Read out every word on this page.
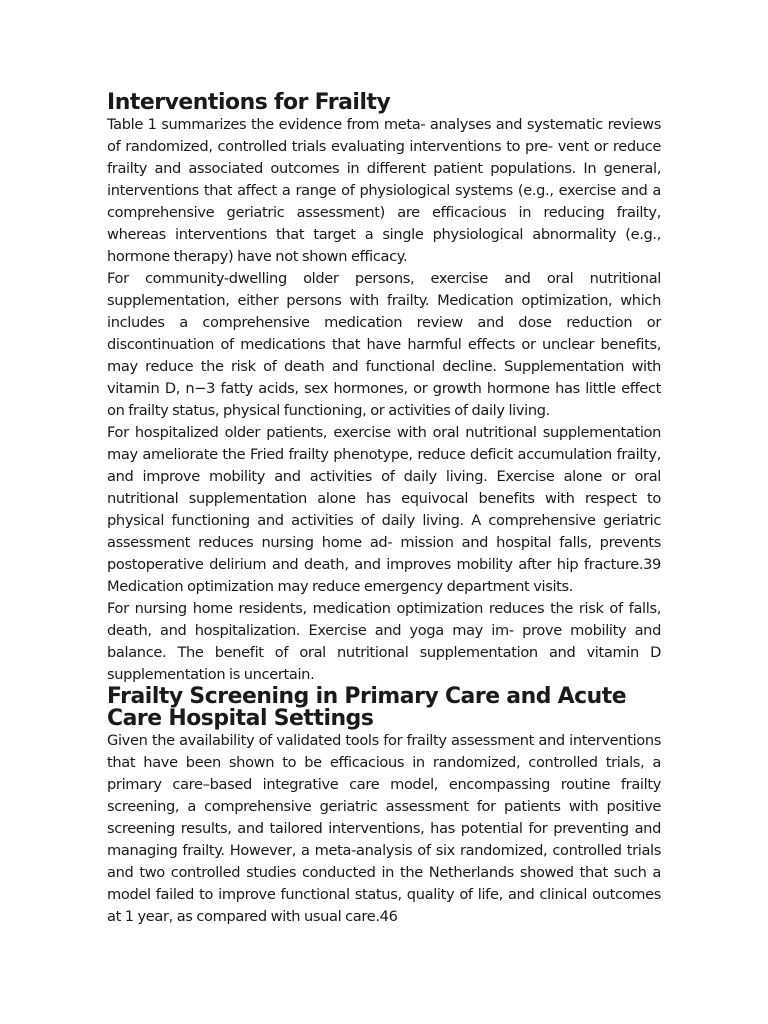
Interventions for Frailty

Table 1 summarizes the evidence from meta- analyses and systematic reviews of randomized, controlled trials evaluating interventions to pre- vent or reduce frailty and associated outcomes in different patient populations. In general, interventions that affect a range of physiological systems (e.g., exercise and a comprehensive geriatric assessment) are efficacious in reducing frailty, whereas interventions that target a single physiological abnormality (e.g., hormone therapy) have not shown efficacy.

For community-dwelling older persons, exercise and oral nutritional supplementation, either persons with frailty. Medication optimization, which includes a comprehensive medication review and dose reduction or discontinuation of medications that have harmful effects or unclear benefits, may reduce the risk of death and functional decline. Supplementation with vitamin D, n−3 fatty acids, sex hormones, or growth hormone has little effect on frailty status, physical functioning, or activities of daily living.

For hospitalized older patients, exercise with oral nutritional supplementation may ameliorate the Fried frailty phenotype, reduce deficit accumulation frailty, and improve mobility and activities of daily living. Exercise alone or oral nutritional supplementation alone has equivocal benefits with respect to physical functioning and activities of daily living. A comprehensive geriatric assessment reduces nursing home ad- mission and hospital falls, prevents postoperative delirium and death, and improves mobility after hip fracture.39 Medication optimization may reduce emergency department visits.

For nursing home residents, medication optimization reduces the risk of falls, death, and hospitalization. Exercise and yoga may im- prove mobility and balance. The benefit of oral nutritional supplementation and vitamin D supplementation is uncertain.

Frailty Screening in Primary Care and Acute Care Hospital Settings

Given the availability of validated tools for frailty assessment and interventions that have been shown to be efficacious in randomized, controlled trials, a primary care–based integrative care model, encompassing routine frailty screening, a comprehensive geriatric assessment for patients with positive screening results, and tailored interventions, has potential for preventing and managing frailty. However, a meta-analysis of six randomized, controlled trials and two controlled studies conducted in the Netherlands showed that such a model failed to improve functional status, quality of life, and clinical outcomes at 1 year, as compared with usual care.46
